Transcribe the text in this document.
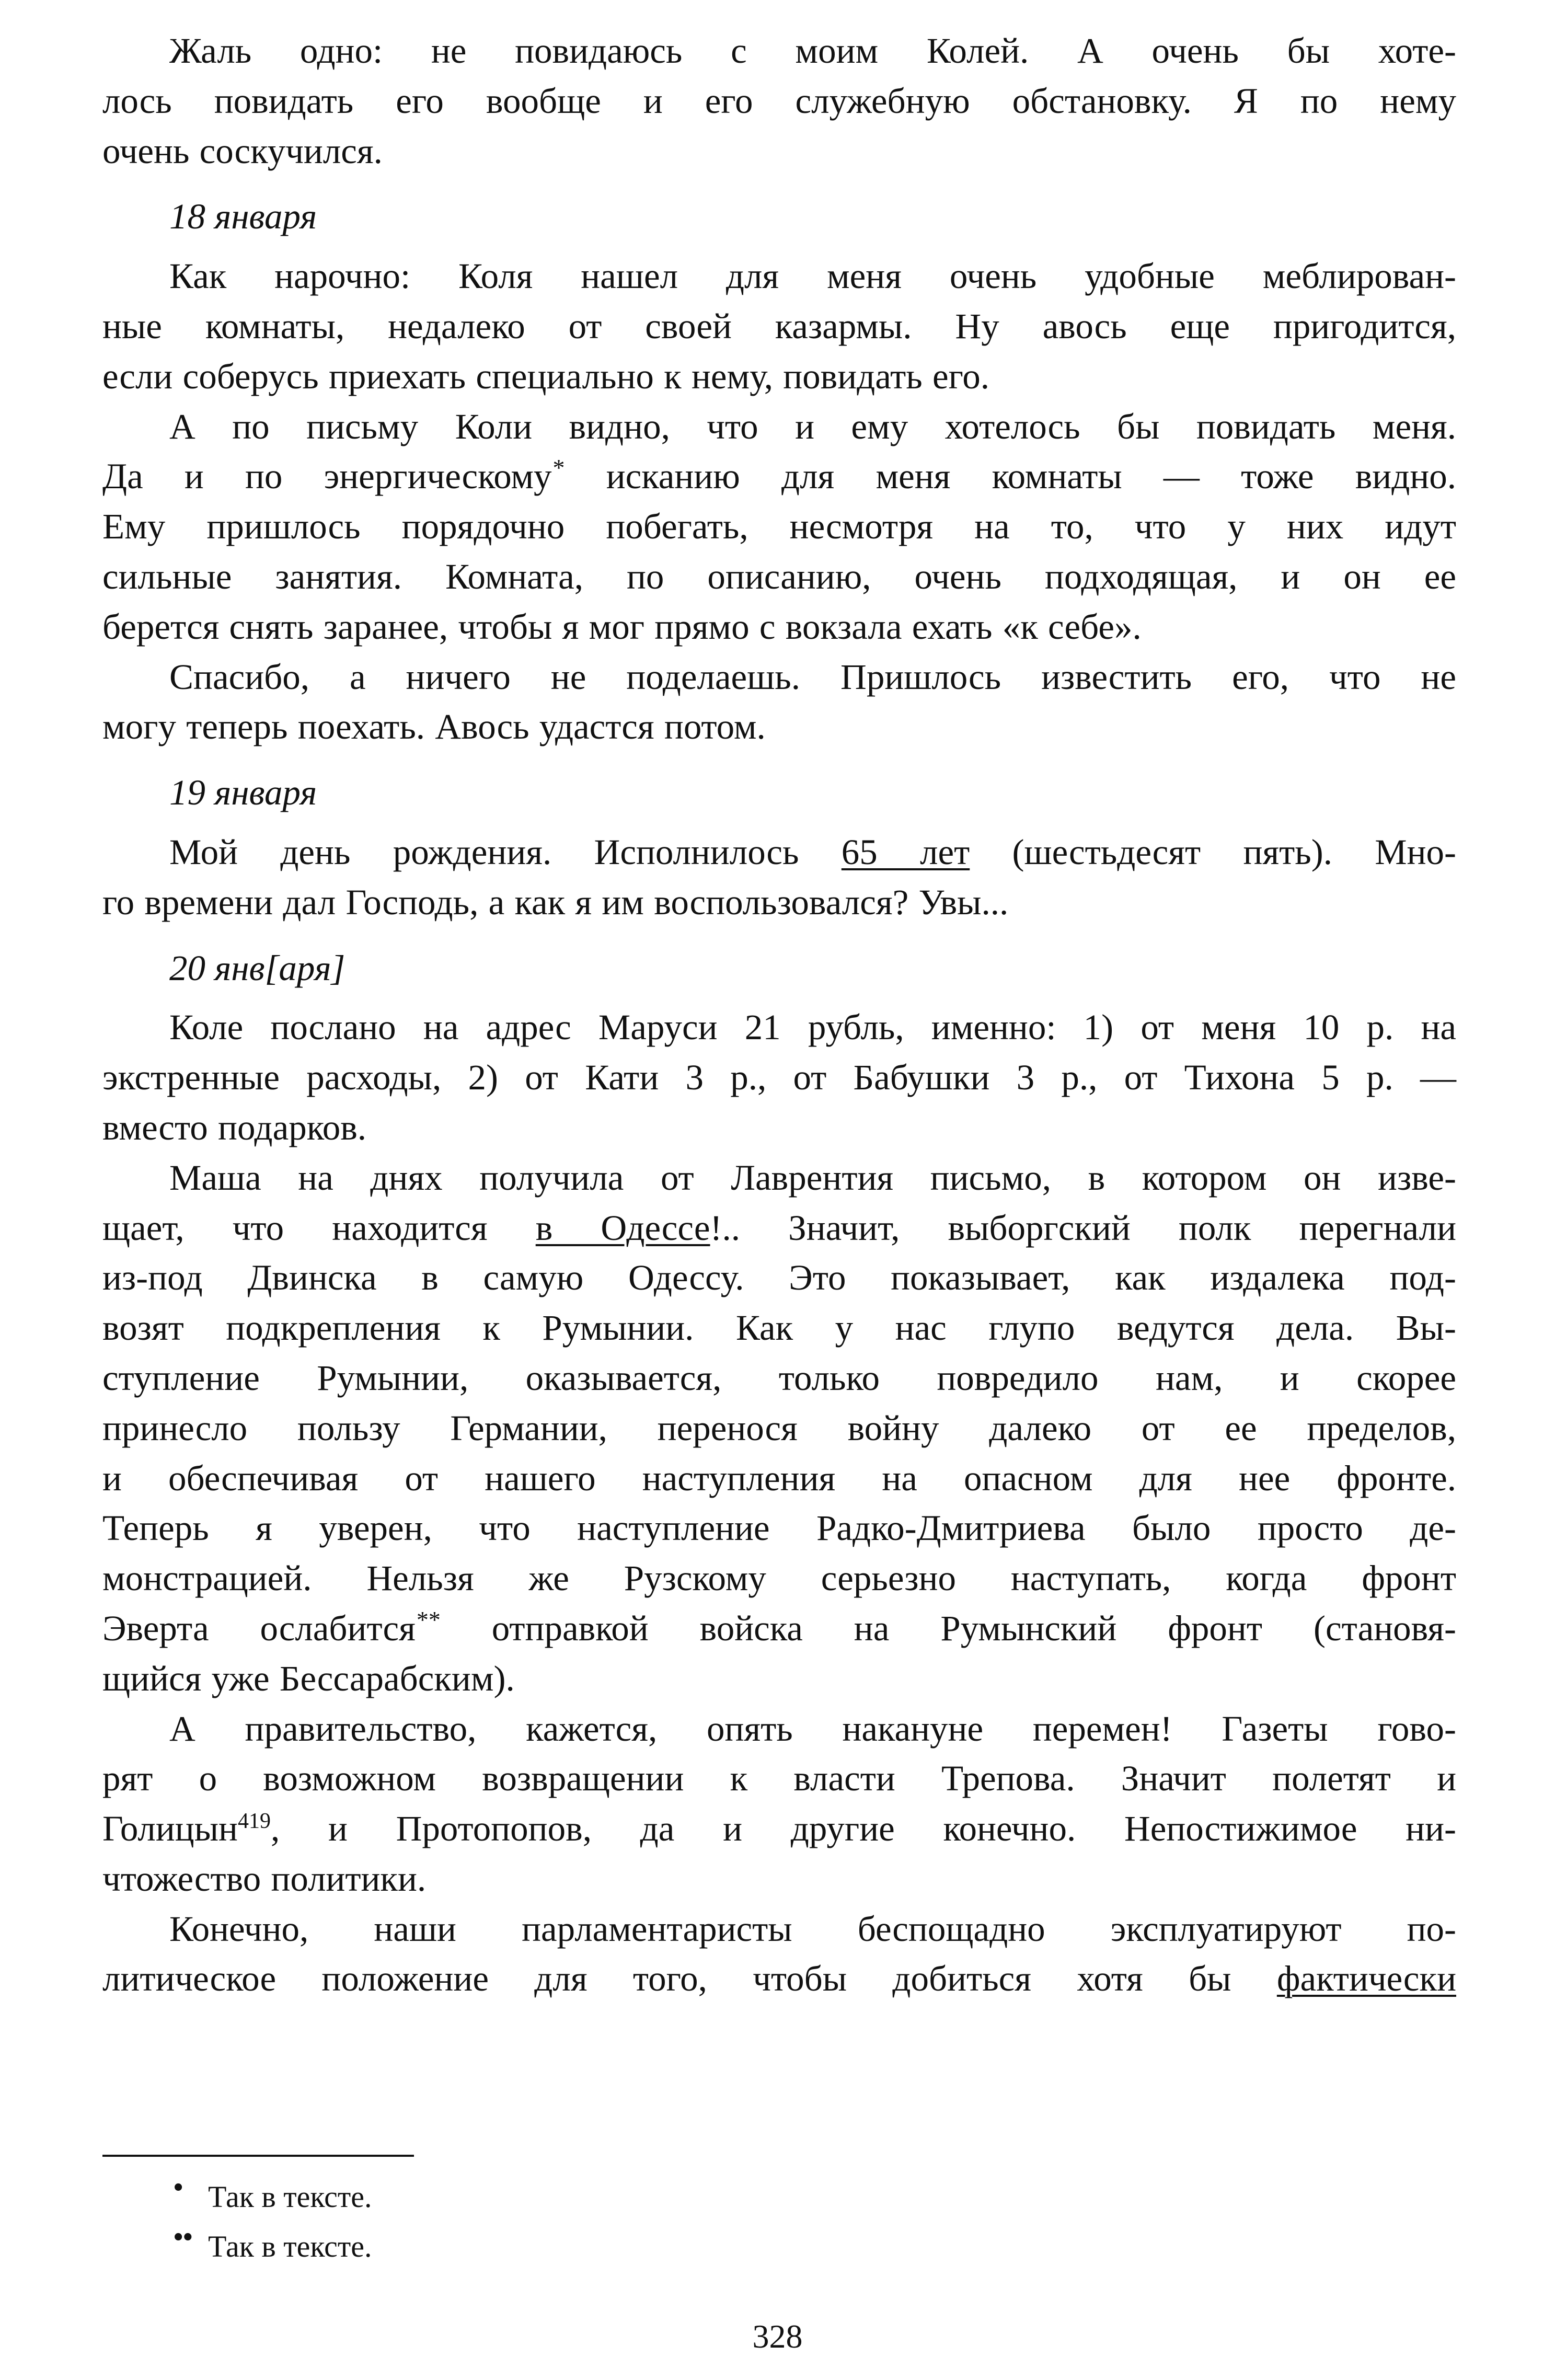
Жаль одно: не повидаюсь с моим Колей. А очень бы хоте-
лось повидать его вообще и его служебную обстановку. Я по нему
очень соскучился.
18 января
Как нарочно: Коля нашел для меня очень удобные меблирован-
ные комнаты, недалеко от своей казармы. Ну авось еще пригодится,
если соберусь приехать специально к нему, повидать его.
А по письму Коли видно, что и ему хотелось бы повидать меня.
Да и по энергическому* исканию для меня комнаты — тоже видно.
Ему пришлось порядочно побегать, несмотря на то, что у них идут
сильные занятия. Комната, по описанию, очень подходящая, и он ее
берется снять заранее, чтобы я мог прямо с вокзала ехать «к себе».
Спасибо, а ничего не поделаешь. Пришлось известить его, что не
могу теперь поехать. Авось удастся потом.
19 января
Мой день рождения. Исполнилось 65 лет (шестьдесят пять). Мно-
го времени дал Господь, а как я им воспользовался? Увы...
20 янв[аря]
Коле послано на адрес Маруси 21 рубль, именно: 1) от меня 10 р. на
экстренные расходы, 2) от Кати 3 р., от Бабушки 3 р., от Тихона 5 р. —
вместо подарков.
Маша на днях получила от Лаврентия письмо, в котором он изве-
щает, что находится в Одессе!.. Значит, выборгский полк перегнали
из-под Двинска в самую Одессу. Это показывает, как издалека под-
возят подкрепления к Румынии. Как у нас глупо ведутся дела. Вы-
ступление Румынии, оказывается, только повредило нам, и скорее
принесло пользу Германии, перенося войну далеко от ее пределов,
и обеспечивая от нашего наступления на опасном для нее фронте.
Теперь я уверен, что наступление Радко-Дмитриева было просто де-
монстрацией. Нельзя же Рузскому серьезно наступать, когда фронт
Эверта ослабится** отправкой войска на Румынский фронт (становя-
щийся уже Бессарабским).
А правительство, кажется, опять накануне перемен! Газеты гово-
рят о возможном возвращении к власти Трепова. Значит полетят и
Голицын$^{419}$, и Протопопов, да и другие конечно. Непостижимое ни-
чтожество политики.
Конечно, наши парламентаристы беспощадно эксплуатируют по-
литическое положение для того, чтобы добиться хотя бы фактически
• Так в тексте.
•• Так в тексте.
328
